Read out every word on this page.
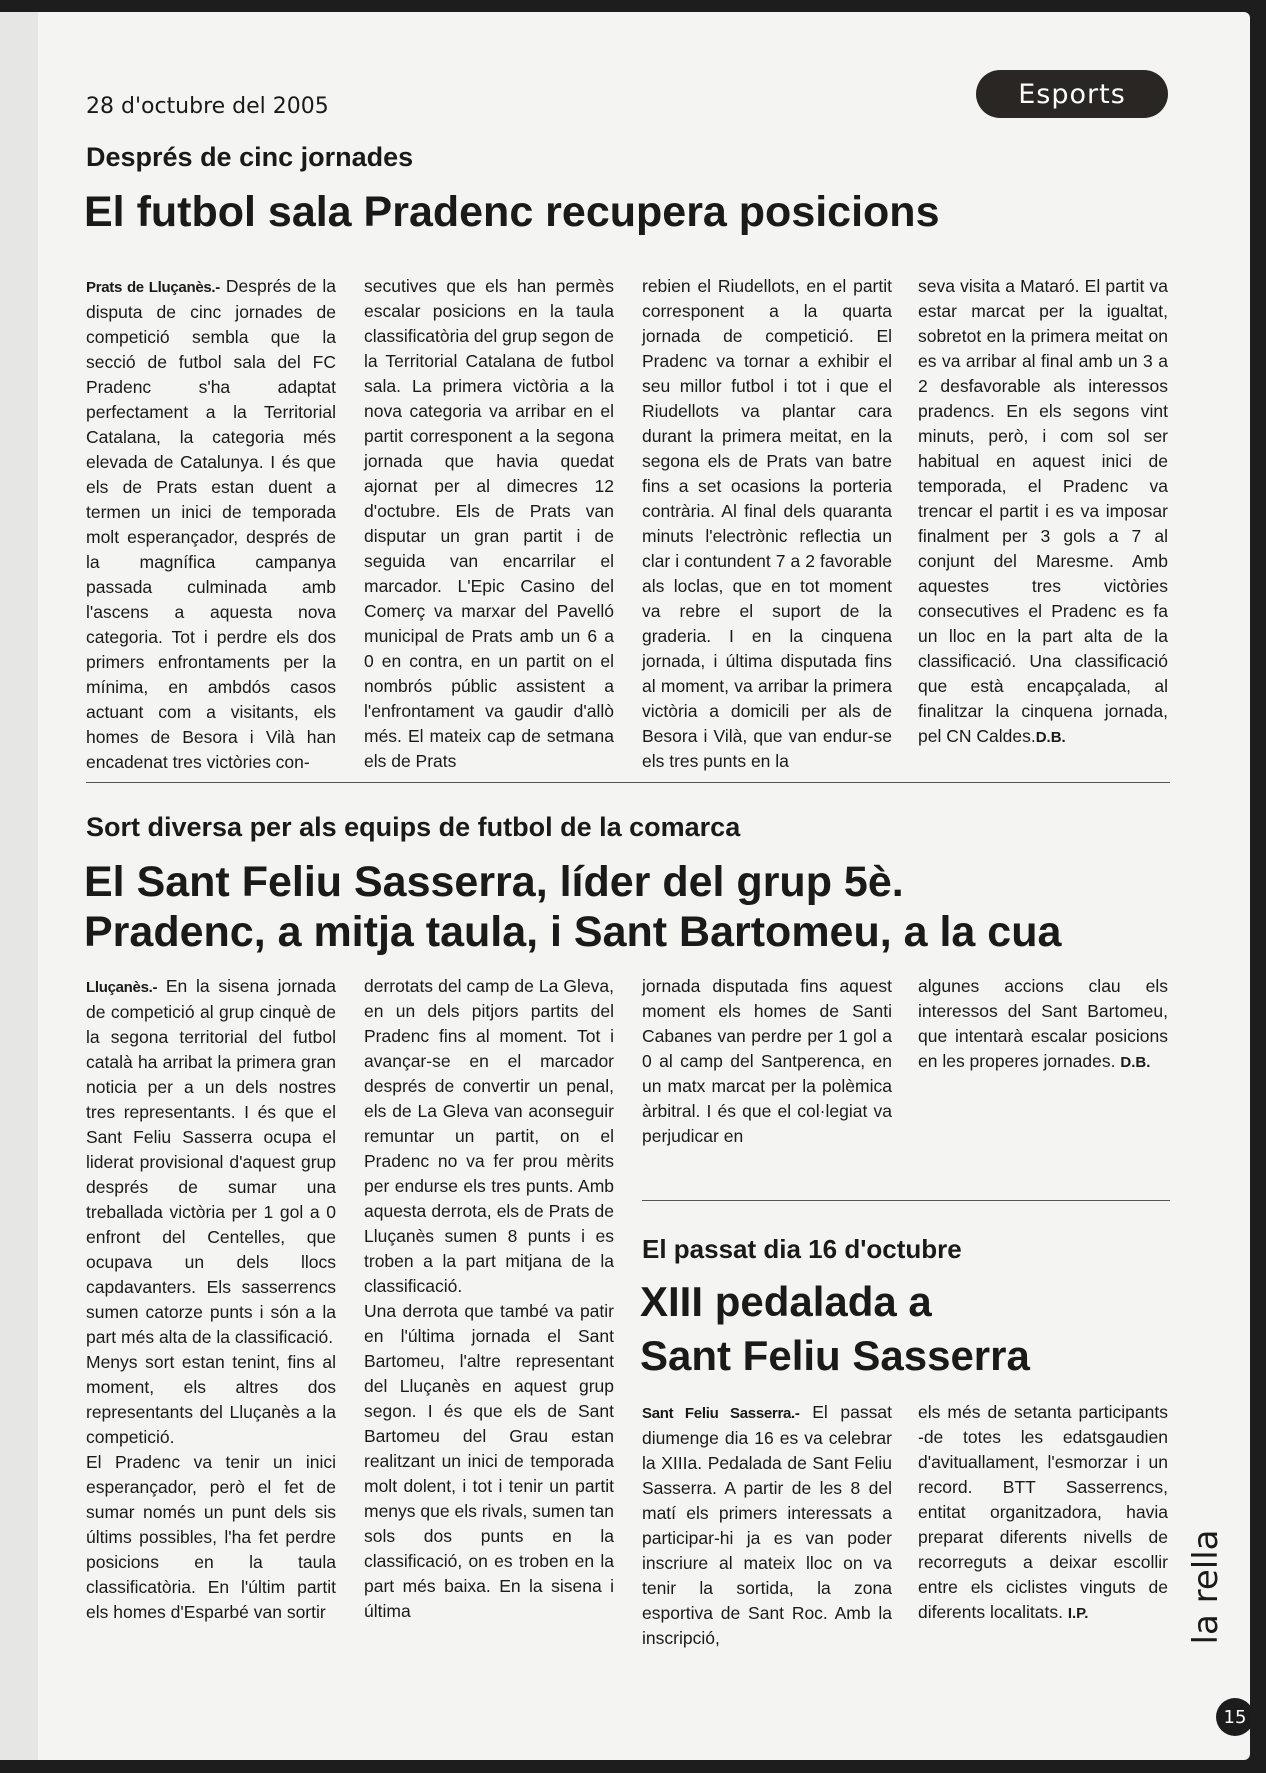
28 d'octubre del 2005	Esports
Després de cinc jornades
El futbol sala Pradenc recupera posicions

Prats de Lluçanès.- Després de la disputa de cinc jornades de competició sembla que la secció de futbol sala del FC Pradenc s'ha adaptat perfectament a la Territorial Catalana, la categoria més elevada de Catalunya. I és que els de Prats estan duent a termen un inici de temporada molt esperançador, després de la magnífica campanya passada culminada amb l'ascens a aquesta nova categoria. Tot i perdre els dos primers enfrontaments per la mínima, en ambdós casos actuant com a visitants, els homes de Besora i Vilà han encadenat tres victòries con-

secutives que els han permès escalar posicions en la taula classificatòria del grup segon de la Territorial Catalana de futbol sala. La primera victòria a la nova categoria va arribar en el partit corresponent a la segona jornada que havia quedat ajornat per al dimecres 12 d'octubre. Els de Prats van disputar un gran partit i de seguida van encarrilar el marcador. L'Epic Casino del Comerç va marxar del Pavelló municipal de Prats amb un 6 a 0 en contra, en un partit on el nombrós públic assistent a l'enfrontament va gaudir d'allò més. El mateix cap de setmana els de Prats

rebien el Riudellots, en el partit corresponent a la quarta jornada de competició. El Pradenc va tornar a exhibir el seu millor futbol i tot i que el Riudellots va plantar cara durant la primera meitat, en la segona els de Prats van batre fins a set ocasions la porteria contrària. Al final dels quaranta minuts l'electrònic reflectia un clar i contundent 7 a 2 favorable als loclas, que en tot moment va rebre el suport de la graderia. I en la cinquena jornada, i última disputada fins al moment, va arribar la primera victòria a domicili per als de Besora i Vilà, que van endur-se els tres punts en la

seva visita a Mataró. El partit va estar marcat per la igualtat, sobretot en la primera meitat on es va arribar al final amb un 3 a 2 desfavorable als interessos pradencs. En els segons vint minuts, però, i com sol ser habitual en aquest inici de temporada, el Pradenc va trencar el partit i es va imposar finalment per 3 gols a 7 al conjunt del Maresme. Amb aquestes tres victòries consecutives el Pradenc es fa un lloc en la part alta de la classificació. Una classificació que està encapçalada, al finalitzar la cinquena jornada, pel CN Caldes.D.B.

Sort diversa per als equips de futbol de la comarca
El Sant Feliu Sasserra, líder del grup 5è.
Pradenc, a mitja taula, i Sant Bartomeu, a la cua

Lluçanès.- En la sisena jornada de competició al grup cinquè de la segona territorial del futbol català ha arribat la primera gran noticia per a un dels nostres tres representants. I és que el Sant Feliu Sasserra ocupa el liderat provisional d'aquest grup després de sumar una treballada victòria per 1 gol a 0 enfront del Centelles, que ocupava un dels llocs capdavanters. Els sasserrencs sumen catorze punts i són a la part més alta de la classificació.

Menys sort estan tenint, fins al moment, els altres dos representants del Lluçanès a la competició.

El Pradenc va tenir un inici esperançador, però el fet de sumar només un punt dels sis últims possibles, l'ha fet perdre posicions en la taula classificatòria. En l'últim partit els homes d'Esparbé van sortir

derrotats del camp de La Gleva, en un dels pitjors partits del Pradenc fins al moment. Tot i avançar-se en el marcador després de convertir un penal, els de La Gleva van aconseguir remuntar un partit, on el Pradenc no va fer prou mèrits per endurse els tres punts. Amb aquesta derrota, els de Prats de Lluçanès sumen 8 punts i es troben a la part mitjana de la classificació.

Una derrota que també va patir en l'última jornada el Sant Bartomeu, l'altre representant del Lluçanès en aquest grup segon. I és que els de Sant Bartomeu del Grau estan realitzant un inici de temporada molt dolent, i tot i tenir un partit menys que els rivals, sumen tan sols dos punts en la classificació, on es troben en la part més baixa. En la sisena i última

jornada disputada fins aquest moment els homes de Santi Cabanes van perdre per 1 gol a 0 al camp del Santperenca, en un matx marcat per la polèmica àrbitral. I és que el col·legiat va perjudicar en

algunes accions clau els interessos del Sant Bartomeu, que intentarà escalar posicions en les properes jornades. D.B.

El passat dia 16 d'octubre
XIII pedalada a
Sant Feliu Sasserra

Sant Feliu Sasserra.- El passat diumenge dia 16 es va celebrar la XIIIa. Pedalada de Sant Feliu Sasserra. A partir de les 8 del matí els primers interessats a participar-hi ja es van poder inscriure al mateix lloc on va tenir la sortida, la zona esportiva de Sant Roc. Amb la inscripció,

els més de setanta participants -de totes les edatsgaudien d'avituallament, l'esmorzar i un record. BTT Sasserrencs, entitat organitzadora, havia preparat diferents nivells de recorreguts a deixar escollir entre els ciclistes vinguts de diferents localitats. I.P.	la rella
15
